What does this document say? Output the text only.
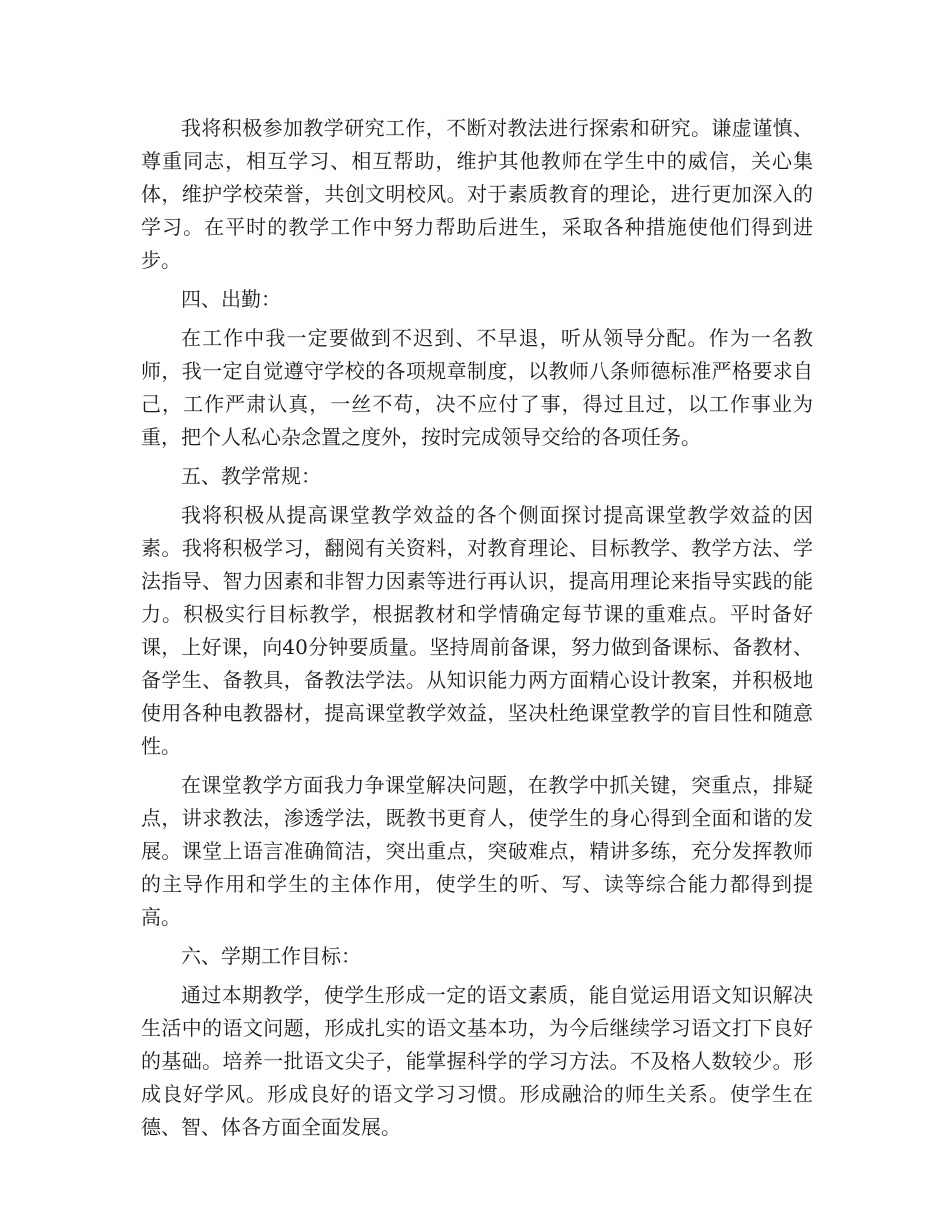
我将积极参加教学研究工作，不断对教法进行探索和研究。谦虚谨慎、尊重同志，相互学习、相互帮助，维护其他教师在学生中的威信，关心集体，维护学校荣誉，共创文明校风。对于素质教育的理论，进行更加深入的学习。在平时的教学工作中努力帮助后进生，采取各种措施使他们得到进步。

四、出勤：

在工作中我一定要做到不迟到、不早退，听从领导分配。作为一名教师，我一定自觉遵守学校的各项规章制度，以教师八条师德标准严格要求自己，工作严肃认真，一丝不苟，决不应付了事，得过且过，以工作事业为重，把个人私心杂念置之度外，按时完成领导交给的各项任务。

五、教学常规：

我将积极从提高课堂教学效益的各个侧面探讨提高课堂教学效益的因素。我将积极学习，翻阅有关资料，对教育理论、目标教学、教学方法、学法指导、智力因素和非智力因素等进行再认识，提高用理论来指导实践的能力。积极实行目标教学，根据教材和学情确定每节课的重难点。平时备好课，上好课，向40分钟要质量。坚持周前备课，努力做到备课标、备教材、备学生、备教具，备教法学法。从知识能力两方面精心设计教案，并积极地使用各种电教器材，提高课堂教学效益，坚决杜绝课堂教学的盲目性和随意性。

在课堂教学方面我力争课堂解决问题，在教学中抓关键，突重点，排疑点，讲求教法，渗透学法，既教书更育人，使学生的身心得到全面和谐的发展。课堂上语言准确简洁，突出重点，突破难点，精讲多练，充分发挥教师的主导作用和学生的主体作用，使学生的听、写、读等综合能力都得到提高。

六、学期工作目标：

通过本期教学，使学生形成一定的语文素质，能自觉运用语文知识解决生活中的语文问题，形成扎实的语文基本功，为今后继续学习语文打下良好的基础。培养一批语文尖子，能掌握科学的学习方法。不及格人数较少。形成良好学风。形成良好的语文学习习惯。形成融洽的师生关系。使学生在德、智、体各方面全面发展。
